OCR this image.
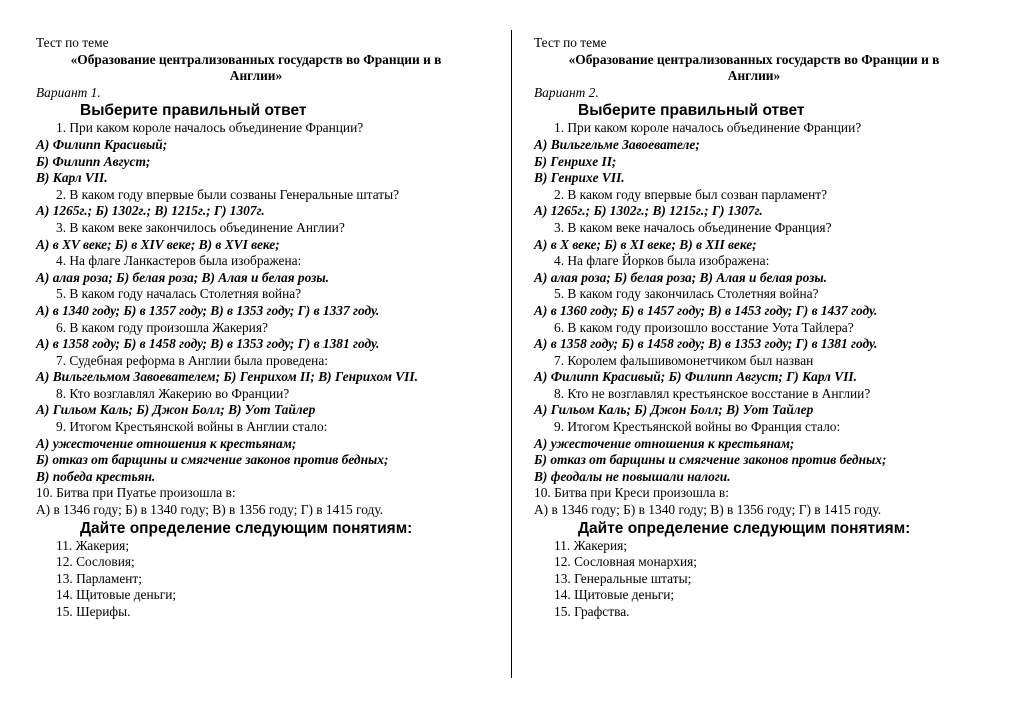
Тест по теме
«Образование централизованных государств во Франции и в
Англии»
Вариант 1.
Выберите правильный ответ
1. При каком короле началось объединение Франции?
А) Филипп Красивый;
Б) Филипп Август;
В) Карл VII.
2. В каком году впервые были созваны Генеральные штаты?
А) 1265г.; Б) 1302г.; В) 1215г.; Г) 1307г.
3. В каком веке закончилось объединение Англии?
А) в XV веке; Б) в XIV веке; В) в XVI веке;
4. На флаге Ланкастеров была изображена:
А) алая роза; Б) белая роза; В) Алая и белая розы.
5. В каком году началась Столетняя война?
А) в 1340 году; Б) в 1357 году; В) в 1353 году; Г) в 1337 году.
6. В каком году произошла Жакерия?
А) в 1358 году; Б) в 1458 году; В) в 1353 году; Г) в 1381 году.
7. Судебная реформа в Англии была проведена:
А) Вильгельмом Завоевателем; Б) Генрихом II; В) Генрихом VII.
8. Кто возглавлял Жакерию во Франции?
А) Гильом Каль; Б) Джон Болл; В) Уот Тайлер
9. Итогом Крестьянской войны в Англии стало:
А) ужесточение отношения к крестьянам;
Б) отказ от барщины и смягчение законов против бедных;
В) победа крестьян.
10. Битва при Пуатье произошла в:
А) в 1346 году; Б) в 1340 году; В) в 1356 году; Г) в 1415 году.
Дайте определение следующим понятиям:
11. Жакерия;
12. Сословия;
13. Парламент;
14. Щитовые деньги;
15. Шерифы.
Тест по теме
«Образование централизованных государств во Франции и в
Англии»
Вариант 2.
Выберите правильный ответ
1. При каком короле началось объединение Франции?
А) Вильгельме Завоевателе;
Б) Генрихе II;
В) Генрихе VII.
2. В каком году впервые был созван парламент?
А) 1265г.; Б) 1302г.; В) 1215г.; Г) 1307г.
3. В каком веке началось объединение Франция?
А) в X веке; Б) в XI веке; В) в XII веке;
4. На флаге Йорков была изображена:
А) алая роза; Б) белая роза; В) Алая и белая розы.
5. В каком году закончилась Столетняя война?
А) в 1360 году; Б) в 1457 году; В) в 1453 году; Г) в 1437 году.
6. В каком году произошло восстание Уота Тайлера?
А) в 1358 году; Б) в 1458 году; В) в 1353 году; Г) в 1381 году.
7. Королем фальшивомонетчиком был назван
А) Филипп Красивый; Б) Филипп Август; Г) Карл VII.
8. Кто не возглавлял крестьянское восстание в Англии?
А) Гильом Каль; Б) Джон Болл; В) Уот Тайлер
9. Итогом Крестьянской войны во Франция стало:
А) ужесточение отношения к крестьянам;
Б) отказ от барщины и смягчение законов против бедных;
В) феодалы не повышали налоги.
10. Битва при Креси произошла в:
А) в 1346 году; Б) в 1340 году; В) в 1356 году; Г) в 1415 году.
Дайте определение следующим понятиям:
11. Жакерия;
12. Сословная монархия;
13. Генеральные штаты;
14. Щитовые деньги;
15. Графства.
